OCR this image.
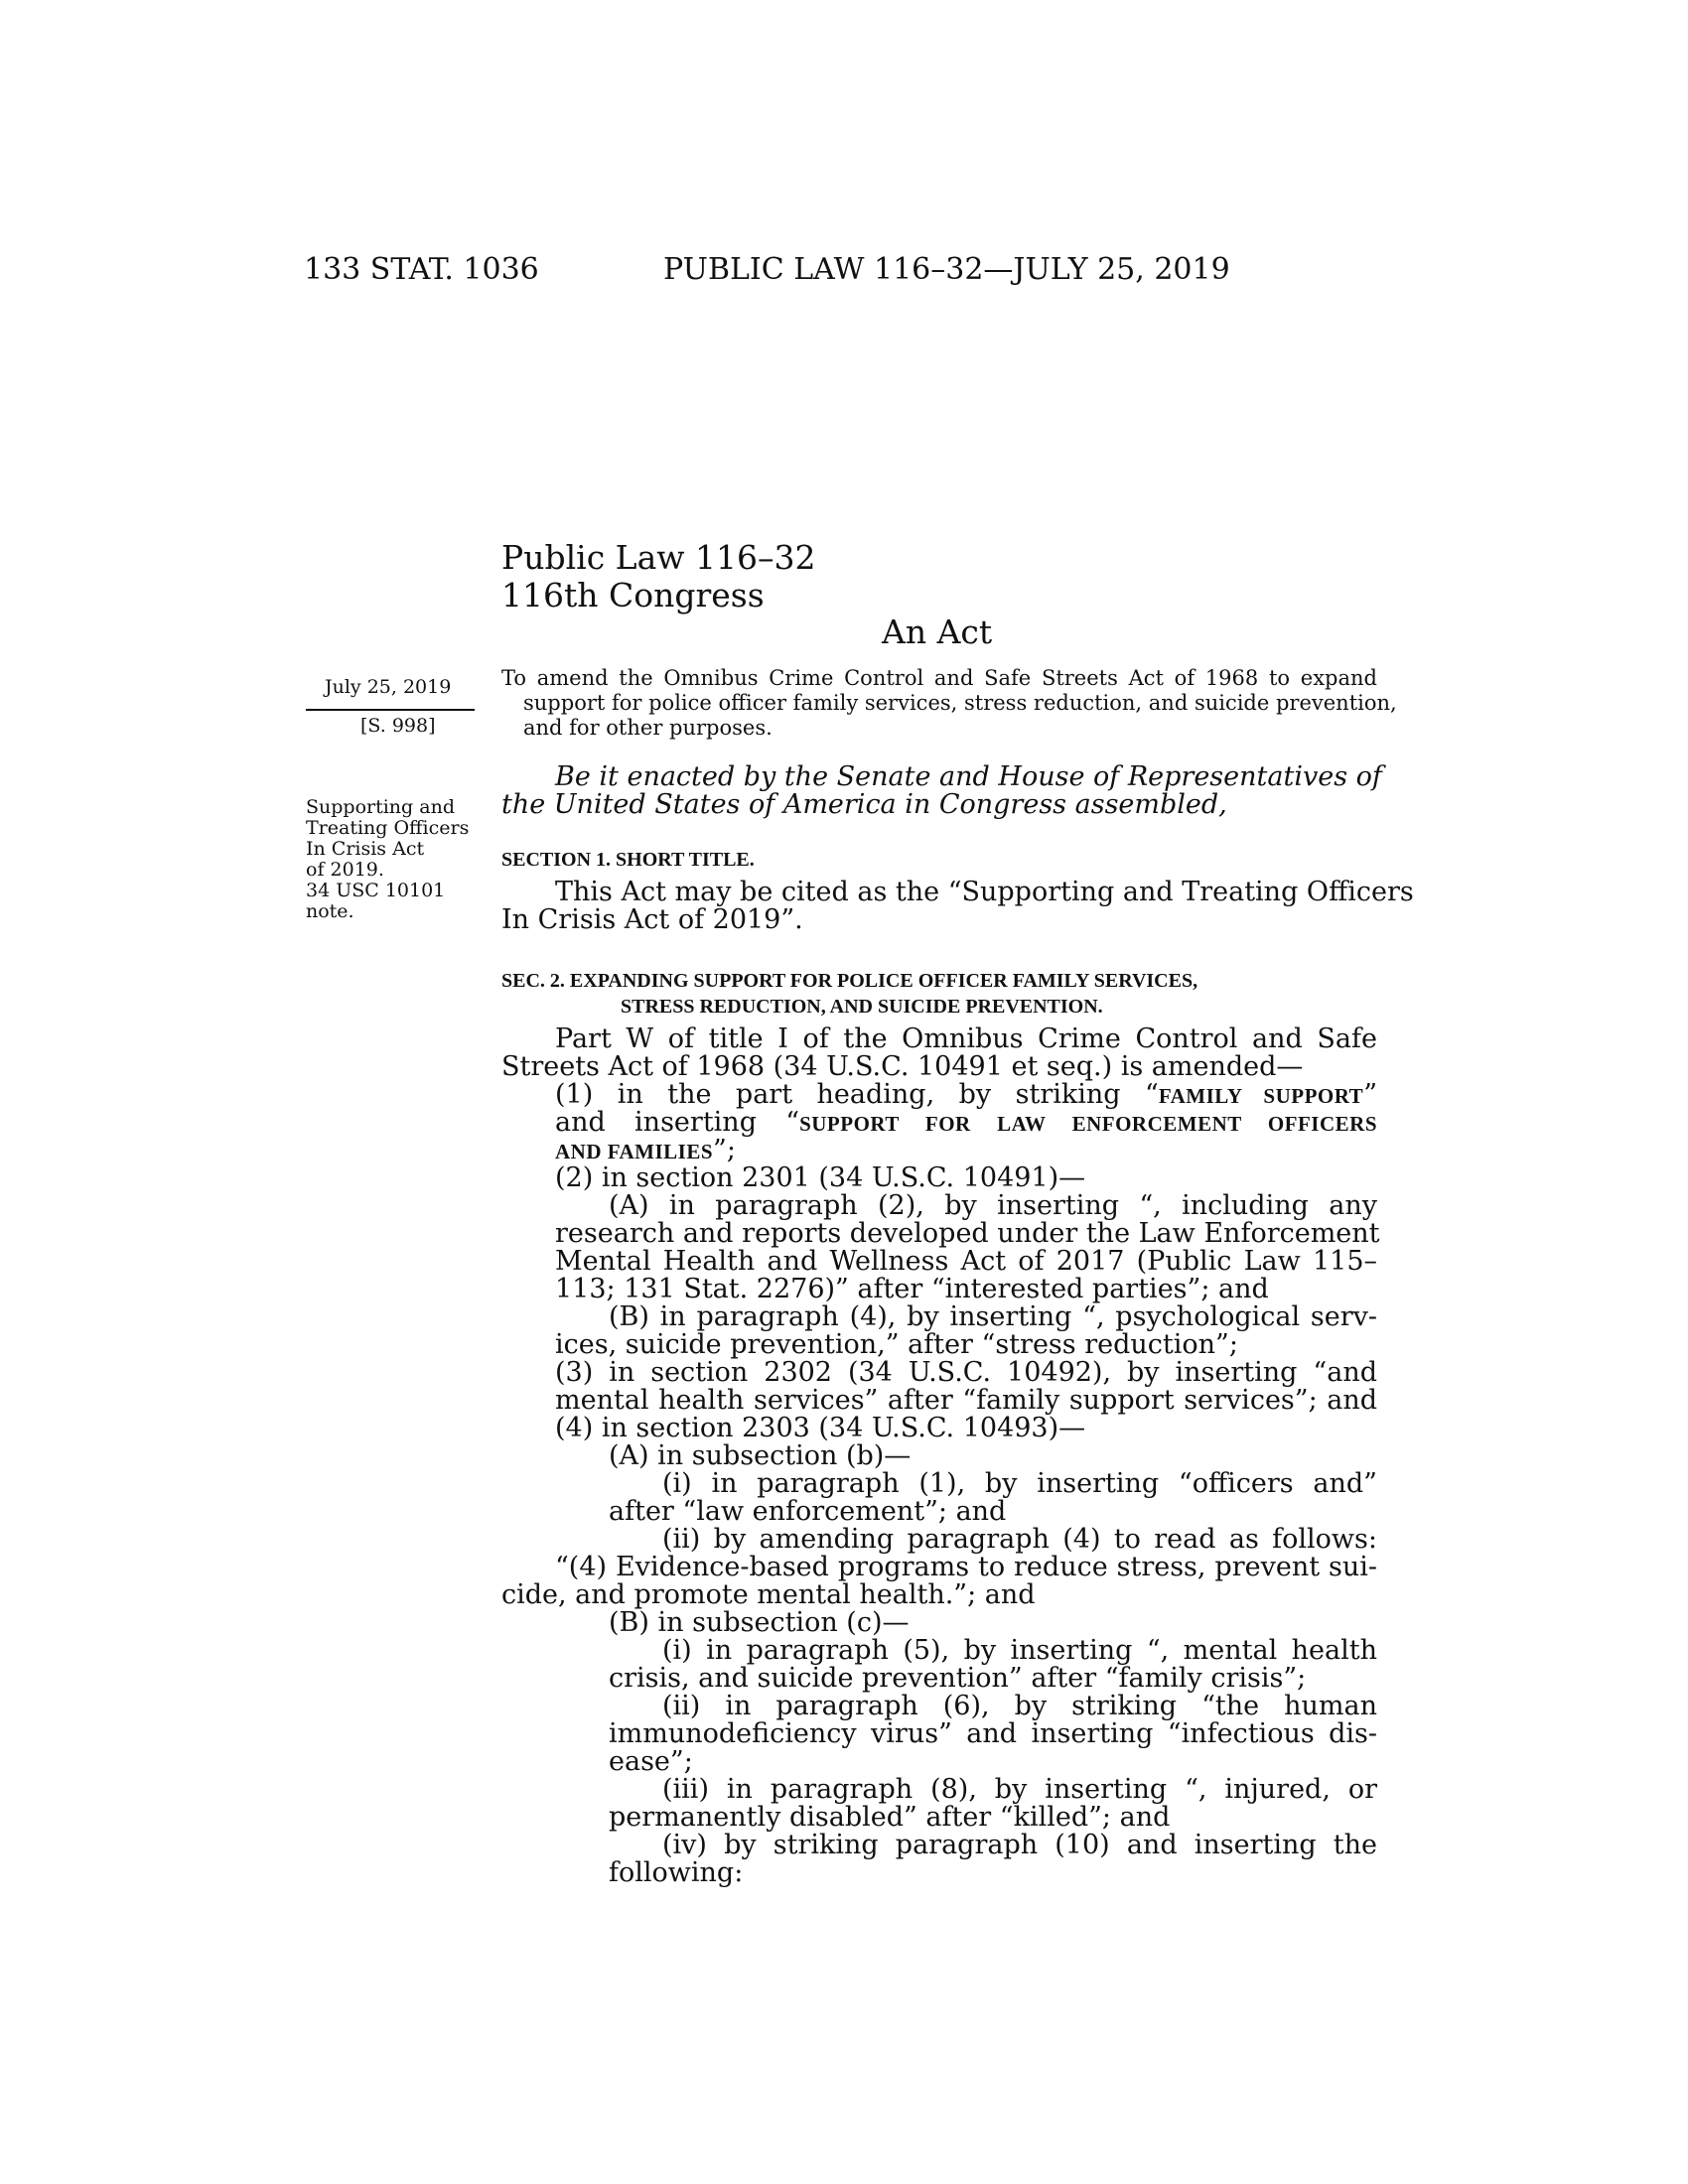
133 STAT. 1036	PUBLIC LAW 116–32—JULY 25, 2019
Public Law 116–32
116th Congress
An Act
July 25, 2019
[S. 998]
Supporting and
Treating Officers
In Crisis Act
of 2019.
34 USC 10101
note.
To amend the Omnibus Crime Control and Safe Streets Act of 1968 to expand
support for police officer family services, stress reduction, and suicide prevention,
and for other purposes.
Be it enacted by the Senate and House of Representatives of
the United States of America in Congress assembled,
SECTION 1. SHORT TITLE.
This Act may be cited as the “Supporting and Treating Officers
In Crisis Act of 2019”.
SEC. 2. EXPANDING SUPPORT FOR POLICE OFFICER FAMILY SERVICES,
STRESS REDUCTION, AND SUICIDE PREVENTION.
Part W of title I of the Omnibus Crime Control and Safe
Streets Act of 1968 (34 U.S.C. 10491 et seq.) is amended—
(1) in the part heading, by striking “FAMILY SUPPORT”
and inserting “SUPPORT FOR LAW ENFORCEMENT OFFICERS
AND FAMILIES”;
(2) in section 2301 (34 U.S.C. 10491)—
(A) in paragraph (2), by inserting “, including any
research and reports developed under the Law Enforcement
Mental Health and Wellness Act of 2017 (Public Law 115–
113; 131 Stat. 2276)” after “interested parties”; and
(B) in paragraph (4), by inserting “, psychological serv-
ices, suicide prevention,” after “stress reduction”;
(3) in section 2302 (34 U.S.C. 10492), by inserting “and
mental health services” after “family support services”; and
(4) in section 2303 (34 U.S.C. 10493)—
(A) in subsection (b)—
(i) in paragraph (1), by inserting “officers and”
after “law enforcement”; and
(ii) by amending paragraph (4) to read as follows:
“(4) Evidence-based programs to reduce stress, prevent sui-
cide, and promote mental health.”; and
(B) in subsection (c)—
(i) in paragraph (5), by inserting “, mental health
crisis, and suicide prevention” after “family crisis”;
(ii) in paragraph (6), by striking “the human
immunodeficiency virus” and inserting “infectious dis-
ease”;
(iii) in paragraph (8), by inserting “, injured, or
permanently disabled” after “killed”; and
(iv) by striking paragraph (10) and inserting the
following:
